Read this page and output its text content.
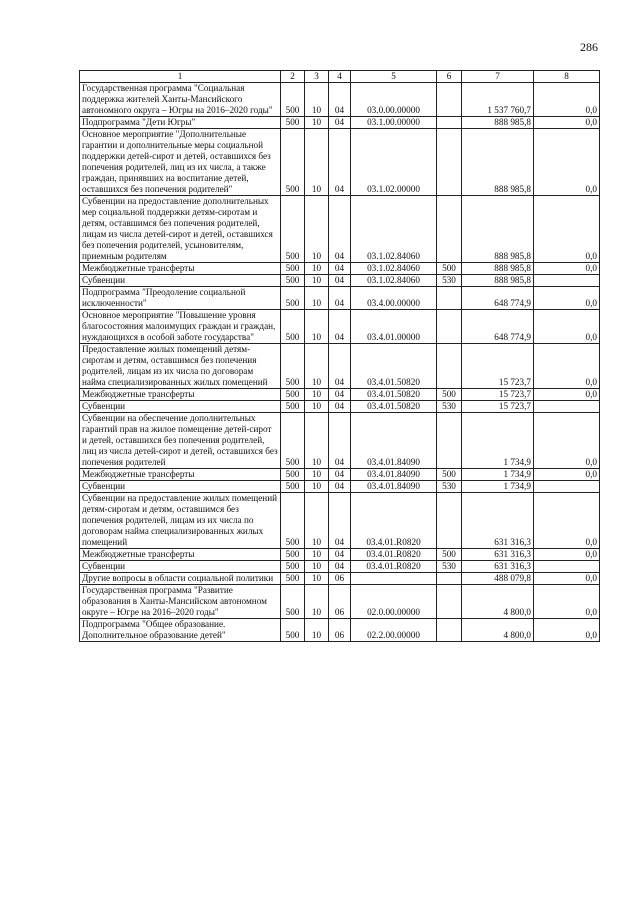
286
1	2	3	4	5	6	7	8
Государственная программа "Социальная поддержка жителей Ханты-Мансийского автономного округа – Югры на 2016–2020 годы"	500	10	04	03.0.00.00000		1 537 760,7	0,0
Подпрограмма "Дети Югры"	500	10	04	03.1.00.00000		888 985,8	0,0
Основное мероприятие "Дополнительные гарантии и дополнительные меры социальной поддержки детей-сирот и детей, оставшихся без попечения родителей, лиц из их числа, а также граждан, принявших на воспитание детей, оставшихся без попечения родителей"	500	10	04	03.1.02.00000		888 985,8	0,0
Субвенции на предоставление дополнительных мер социальной поддержки детям-сиротам и детям, оставшимся без попечения родителей, лицам из числа детей-сирот и детей, оставшихся без попечения родителей, усыновителям, приемным родителям	500	10	04	03.1.02.84060		888 985,8	0,0
Межбюджетные трансферты	500	10	04	03.1.02.84060	500	888 985,8	0,0
Субвенции	500	10	04	03.1.02.84060	530	888 985,8	
Подпрограмма "Преодоление социальной исключенности"	500	10	04	03.4.00.00000		648 774,9	0,0
Основное мероприятие "Повышение уровня благосостояния малоимущих граждан и граждан, нуждающихся в особой заботе государства"	500	10	04	03.4.01.00000		648 774,9	0,0
Предоставление жилых помещений детям-сиротам и детям, оставшимся без попечения родителей, лицам из их числа по договорам найма специализированных жилых помещений	500	10	04	03.4.01.50820		15 723,7	0,0
Межбюджетные трансферты	500	10	04	03.4.01.50820	500	15 723,7	0,0
Субвенции	500	10	04	03.4.01.50820	530	15 723,7	
Субвенции на обеспечение дополнительных гарантий прав на жилое помещение детей-сирот и детей, оставшихся без попечения родителей, лиц из числа детей-сирот и детей, оставшихся без попечения родителей	500	10	04	03.4.01.84090		1 734,9	0,0
Межбюджетные трансферты	500	10	04	03.4.01.84090	500	1 734,9	0,0
Субвенции	500	10	04	03.4.01.84090	530	1 734,9	
Субвенции на предоставление жилых помещений детям-сиротам и детям, оставшимся без попечения родителей, лицам из их числа по договорам найма специализированных жилых помещений	500	10	04	03.4.01.R0820		631 316,3	0,0
Межбюджетные трансферты	500	10	04	03.4.01.R0820	500	631 316,3	0,0
Субвенции	500	10	04	03.4.01.R0820	530	631 316,3	
Другие вопросы в области социальной политики	500	10	06			488 079,8	0,0
Государственная программа "Развитие образования в Ханты-Мансийском автономном округе – Югре на 2016–2020 годы"	500	10	06	02.0.00.00000		4 800,0	0,0
Подпрограмма "Общее образование. Дополнительное образование детей"	500	10	06	02.2.00.00000		4 800,0	0,0
